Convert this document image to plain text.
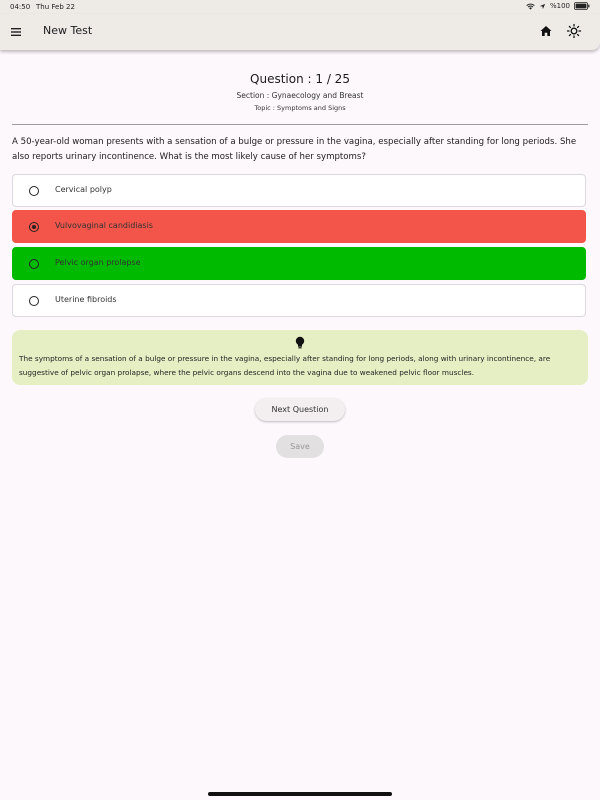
04:50 Thu Feb 22	%100
New Test
Question : 1 / 25
Section : Gynaecology and Breast
Topic : Symptoms and Signs
A 50-year-old woman presents with a sensation of a bulge or pressure in the vagina, especially after standing for long periods. She also reports urinary incontinence. What is the most likely cause of her symptoms?
Cervical polyp
Vulvovaginal candidiasis
Pelvic organ prolapse
Uterine fibroids
The symptoms of a sensation of a bulge or pressure in the vagina, especially after standing for long periods, along with urinary incontinence, are suggestive of pelvic organ prolapse, where the pelvic organs descend into the vagina due to weakened pelvic floor muscles.
Next Question
Save
